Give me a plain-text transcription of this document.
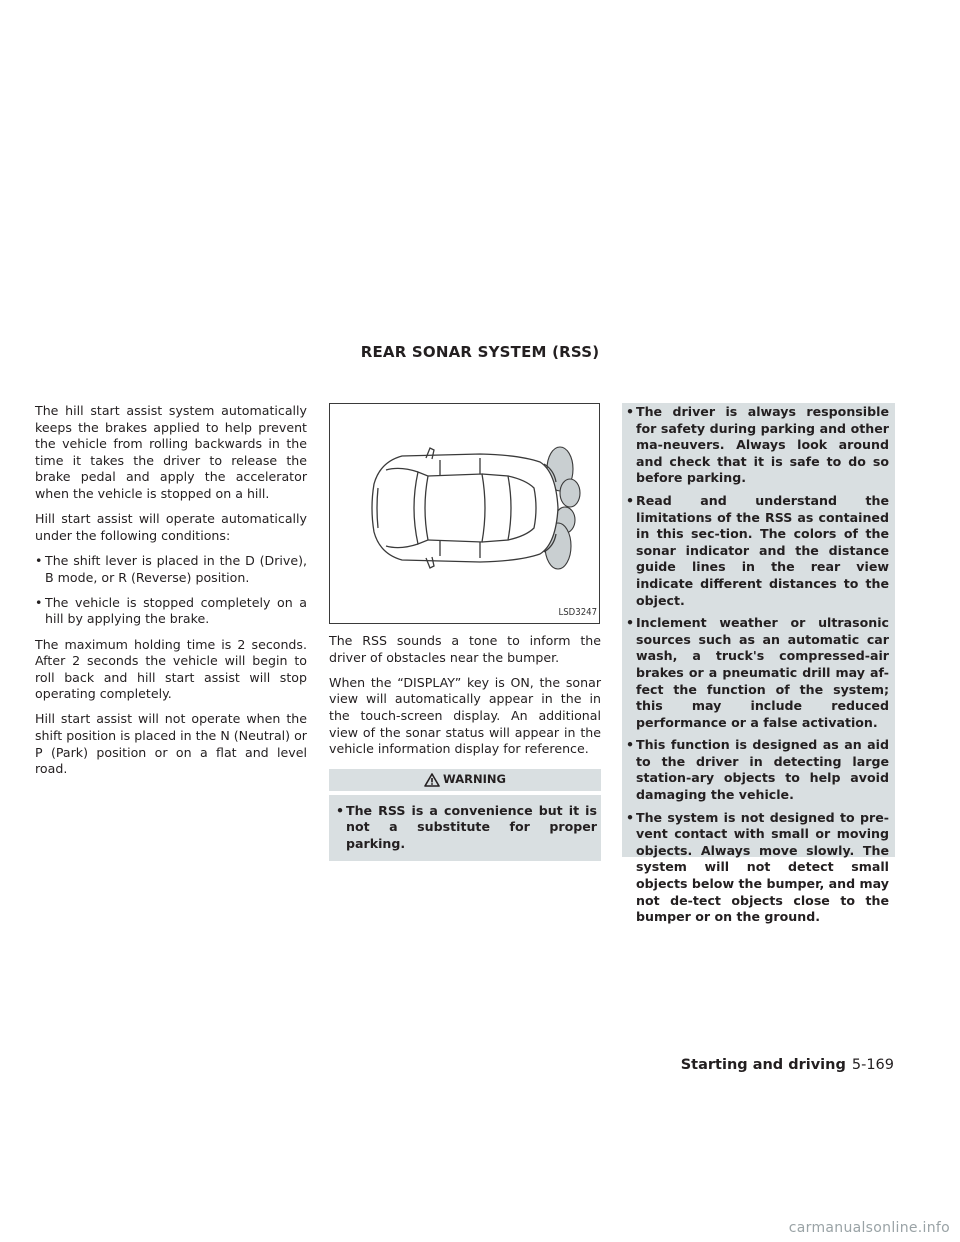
REAR SONAR SYSTEM (RSS)

The hill start assist system automatically keeps the brakes applied to help prevent the vehicle from rolling backwards in the time it takes the driver to release the brake pedal and apply the accelerator when the vehicle is stopped on a hill.

Hill start assist will operate automatically under the following conditions:

• The shift lever is placed in the D (Drive), B mode, or R (Reverse) position.
• The vehicle is stopped completely on a hill by applying the brake.

The maximum holding time is 2 seconds. After 2 seconds the vehicle will begin to roll back and hill start assist will stop operating completely.

Hill start assist will not operate when the shift position is placed in the N (Neutral) or P (Park) position or on a flat and level road.

LSD3247

The RSS sounds a tone to inform the driver of obstacles near the bumper.

When the “DISPLAY” key is ON, the sonar view will automatically appear in the in the touch-screen display. An additional view of the sonar status will appear in the vehicle information display for reference.

WARNING
• The RSS is a convenience but it is not a substitute for proper parking.
• The driver is always responsible for safety during parking and other ma-neuvers. Always look around and check that it is safe to do so before parking.
• Read and understand the limitations of the RSS as contained in this sec-tion. The colors of the sonar indicator and the distance guide lines in the rear view indicate different distances to the object.
• Inclement weather or ultrasonic sources such as an automatic car wash, a truck's compressed-air brakes or a pneumatic drill may af-fect the function of the system; this may include reduced performance or a false activation.
• This function is designed as an aid to the driver in detecting large station-ary objects to help avoid damaging the vehicle.
• The system is not designed to pre-vent contact with small or moving objects. Always move slowly. The system will not detect small objects below the bumper, and may not de-tect objects close to the bumper or on the ground.
Starting and driving 5-169
carmanualsonline.info
